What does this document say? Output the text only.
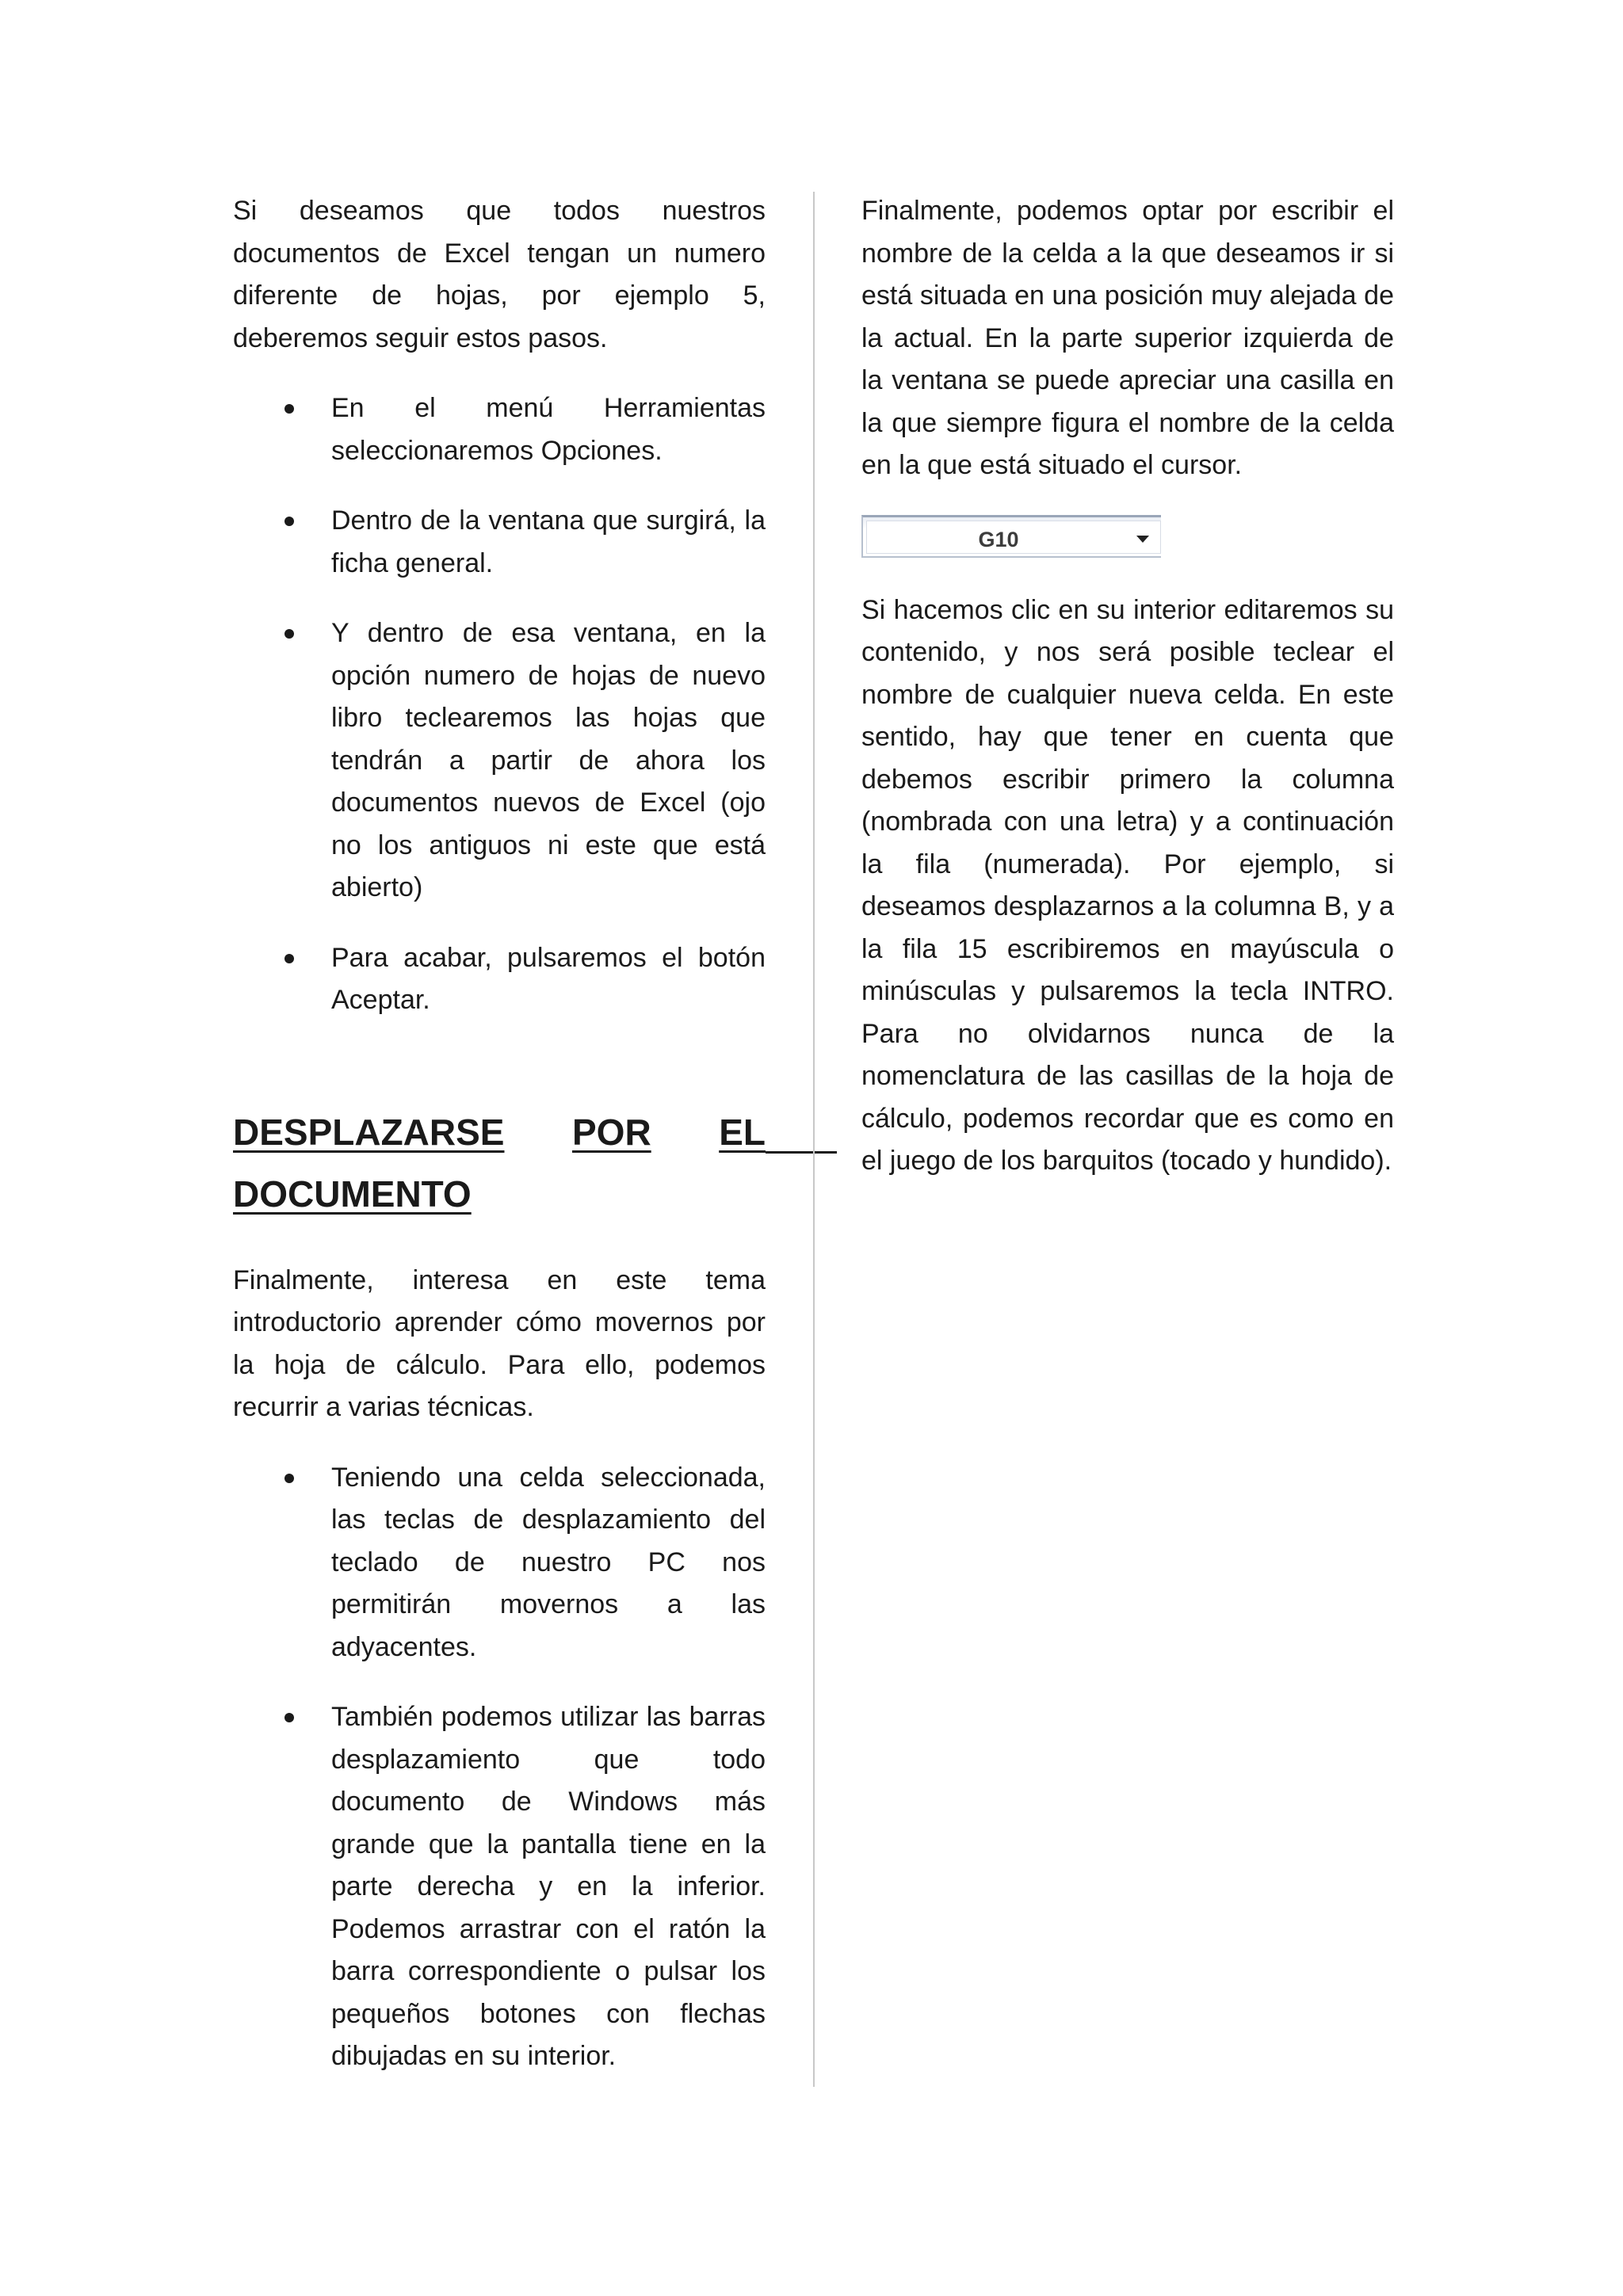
Si deseamos que todos nuestros documentos de Excel tengan un numero diferente de hojas, por ejemplo 5, deberemos seguir estos pasos.

En el menú Herramientas seleccionaremos Opciones.
Dentro de la ventana que surgirá, la ficha general.
Y dentro de esa ventana, en la opción numero de hojas de nuevo libro teclearemos las hojas que tendrán a partir de ahora los documentos nuevos de Excel (ojo no los antiguos ni este que está abierto)
Para acabar, pulsaremos el botón Aceptar.
DESPLAZARSE POR EL
DOCUMENTO

Finalmente, interesa en este tema introductorio aprender cómo movernos por la hoja de cálculo. Para ello, podemos recurrir a varias técnicas.

Teniendo una celda seleccionada, las teclas de desplazamiento del teclado de nuestro PC nos permitirán movernos a las adyacentes.
También podemos utilizar las barras desplazamiento que todo documento de Windows más grande que la pantalla tiene en la parte derecha y en la inferior. Podemos arrastrar con el ratón la barra correspondiente o pulsar los pequeños botones con flechas dibujadas en su interior.

Finalmente, podemos optar por escribir el nombre de la celda a la que deseamos ir si está situada en una posición muy alejada de la actual. En la parte superior izquierda de la ventana se puede apreciar una casilla en la que siempre figura el nombre de la celda en la que está situado el cursor.

G10

Si hacemos clic en su interior editaremos su contenido, y nos será posible teclear el nombre de cualquier nueva celda. En este sentido, hay que tener en cuenta que debemos escribir primero la columna (nombrada con una letra) y a continuación la fila (numerada). Por ejemplo, si deseamos desplazarnos a la columna B, y a la fila 15 escribiremos en mayúscula o minúsculas y pulsaremos la tecla INTRO. Para no olvidarnos nunca de la nomenclatura de las casillas de la hoja de cálculo, podemos recordar que es como en el juego de los barquitos (tocado y hundido).
